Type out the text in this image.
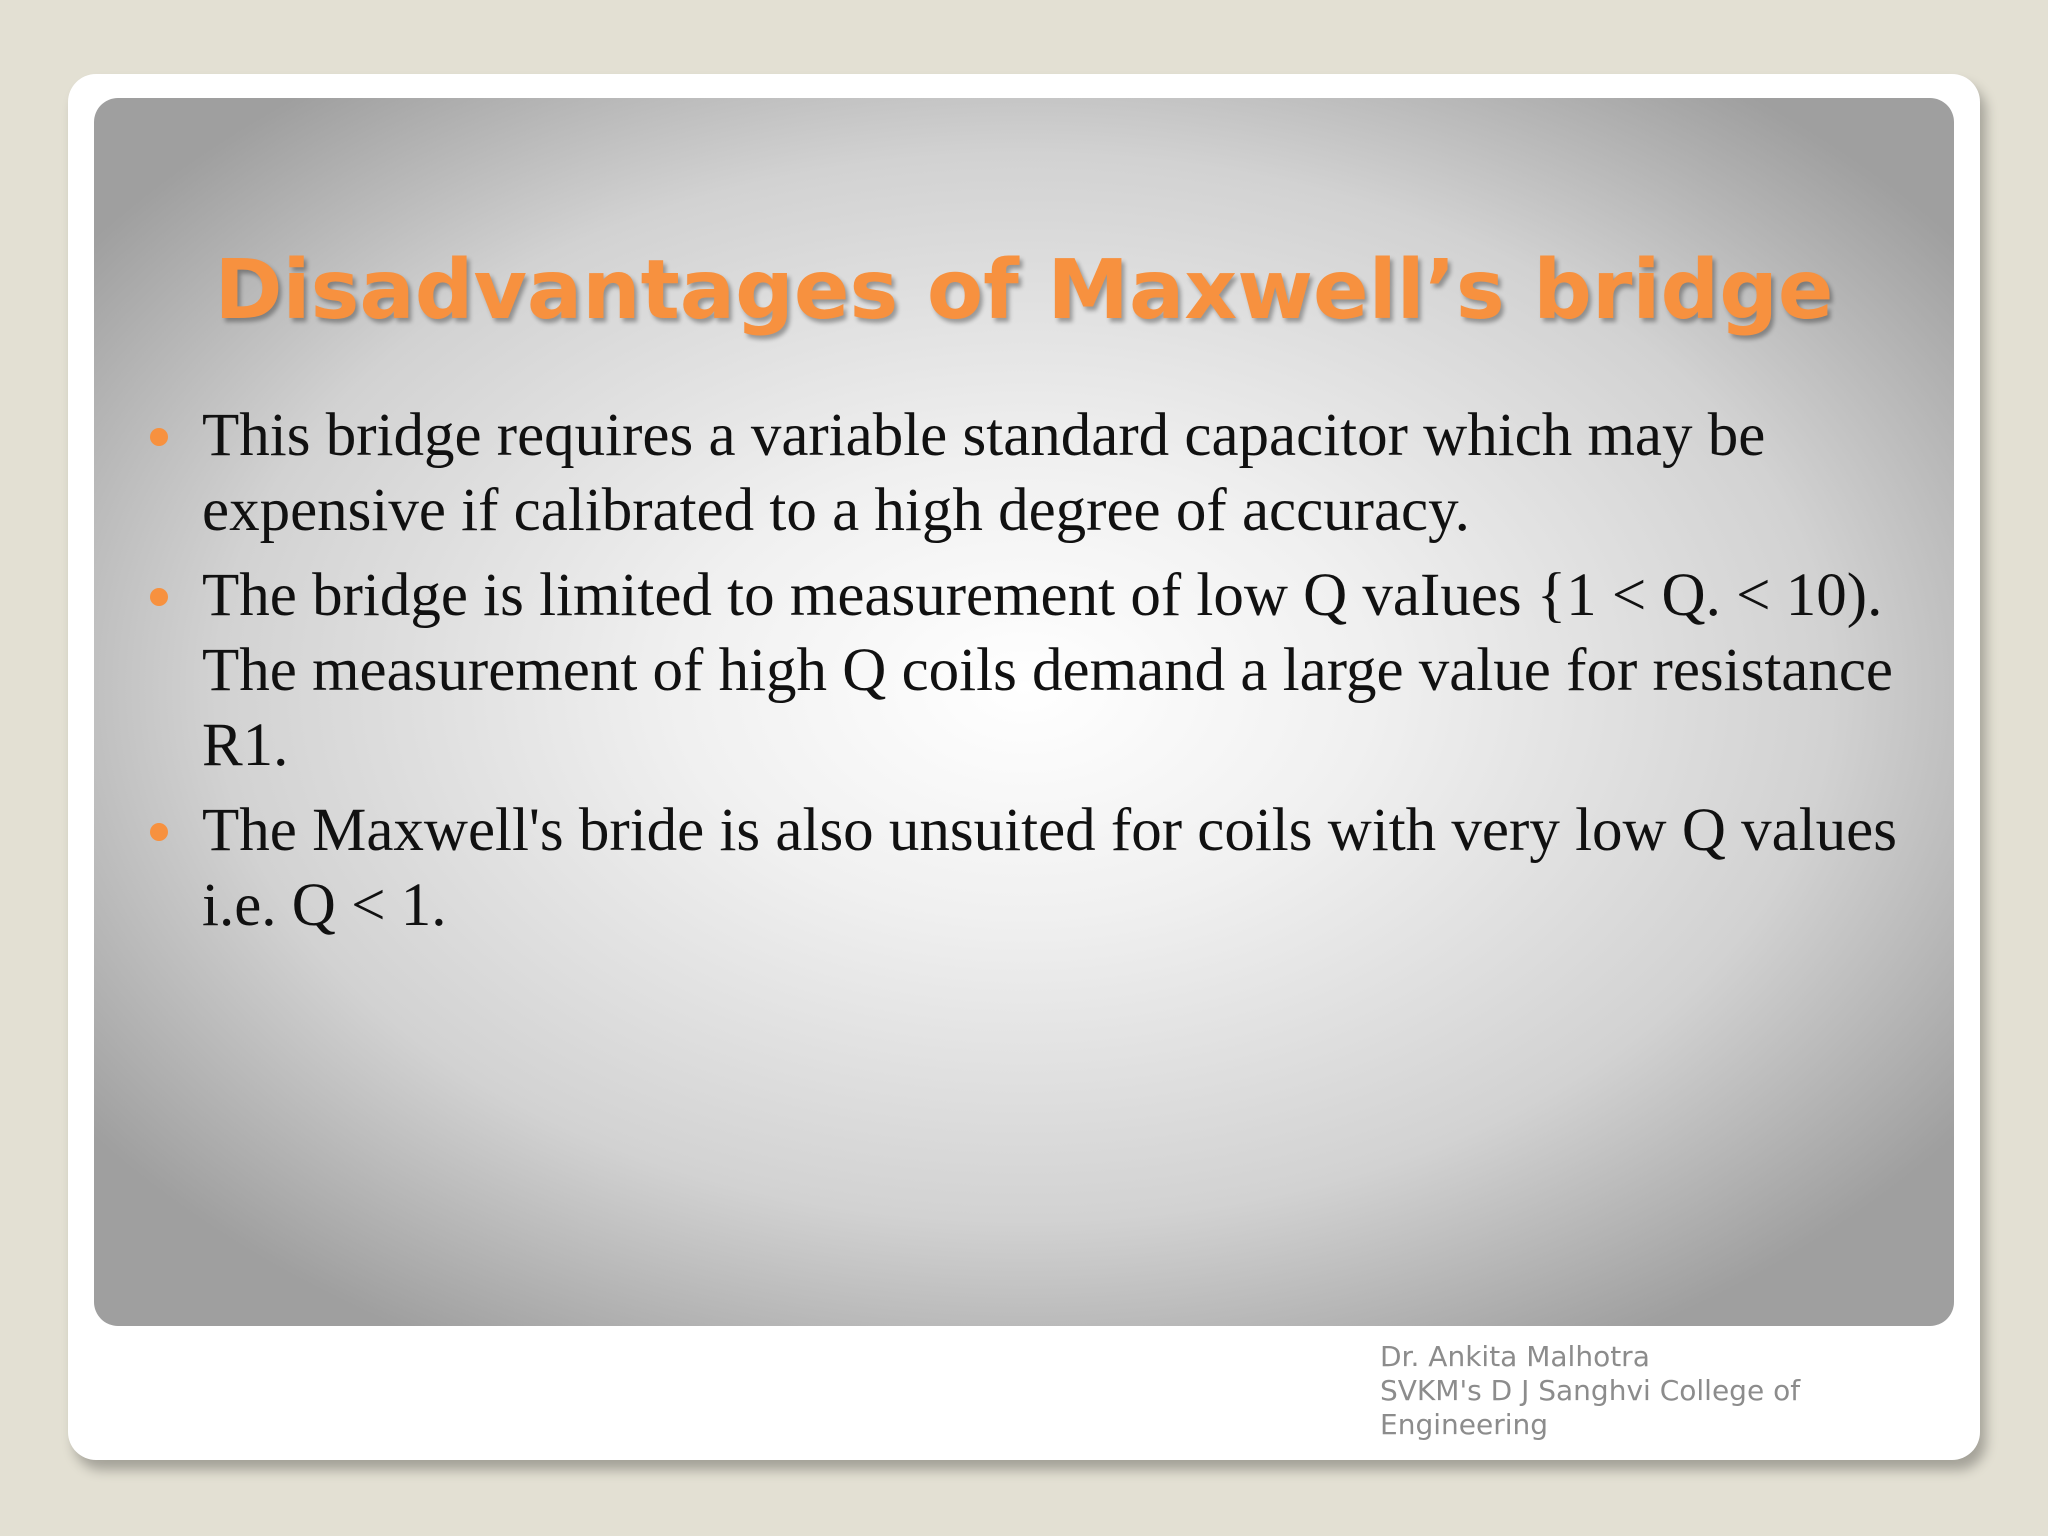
Disadvantages of Maxwell’s bridge
This bridge requires a variable standard capacitor which may be expensive if calibrated to a high degree of accuracy.
The bridge is limited to measurement of low Q vaIues {1 < Q. < 10). The measurement of high Q coils demand a large value for resistance R1.
The Maxwell's bride is also unsuited for coils with very low Q values i.e. Q < 1.
Dr. Ankita Malhotra
SVKM's D J Sanghvi College of
Engineering
